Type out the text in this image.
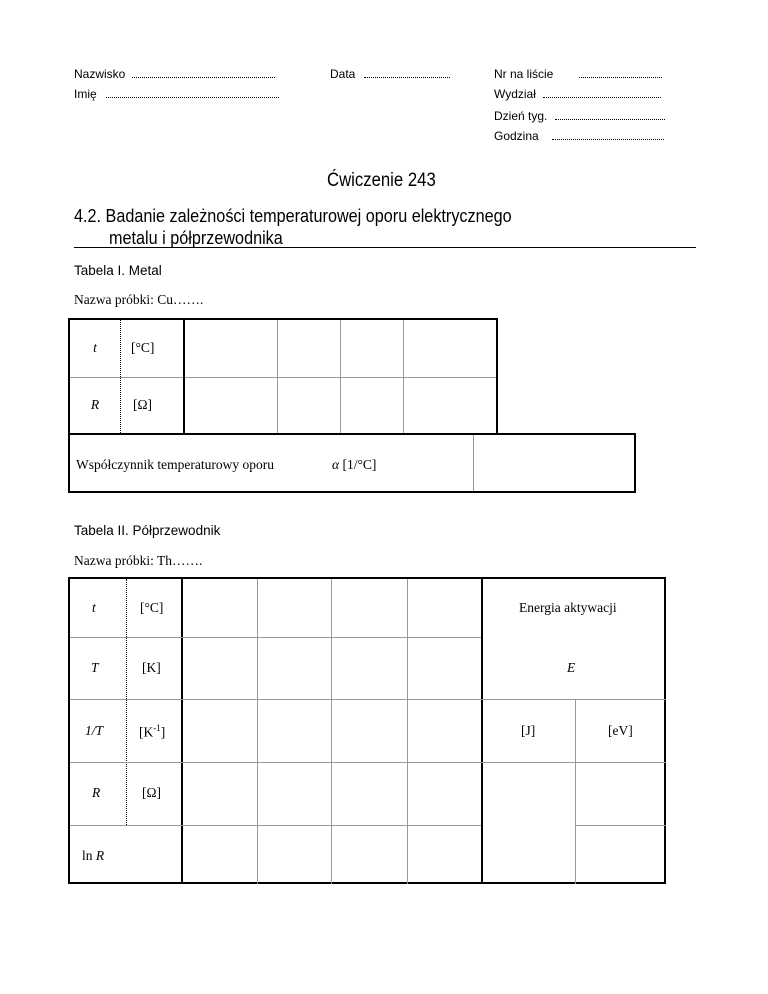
Nazwisko
Imię
Data	Nr na liście
Wydział
Dzień tyg.
Godzina
Ćwiczenie 243
4.2. Badanie zależności temperaturowej oporu elektrycznego
metalu i półprzewodnika
Tabela I. Metal
Nazwa próbki: Cu…….
t	[°C]				
R	[Ω]				
Współczynnik temperaturowy oporu	α [1/°C]
Tabela II. Półprzewodnik
Nazwa próbki: Th…….
t	[°C]
T	[K]
1/T	$[K^{-1}]$
R	[Ω]
ln R
Energia aktywacji
E
[J]	[eV]
